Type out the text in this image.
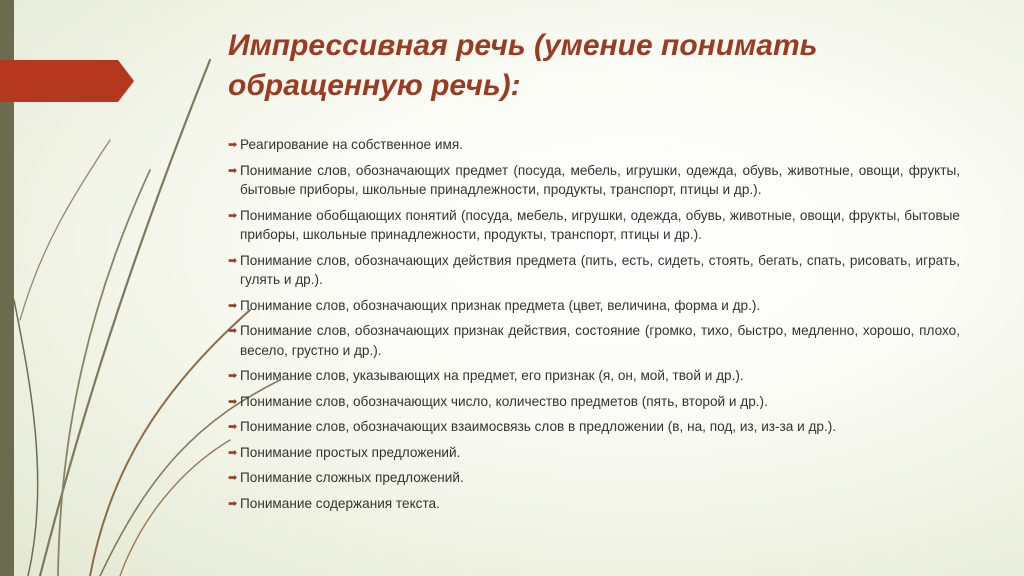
Импрессивная речь (умение понимать обращенную речь):
➡ Реагирование на собственное имя.
➡ Понимание слов, обозначающих предмет (посуда, мебель, игрушки, одежда, обувь, животные, овощи, фрукты, бытовые приборы, школьные принадлежности, продукты, транспорт, птицы и др.).
➡ Понимание обобщающих понятий (посуда, мебель, игрушки, одежда, обувь, животные, овощи, фрукты, бытовые приборы, школьные принадлежности, продукты, транспорт, птицы и др.).
➡ Понимание слов, обозначающих действия предмета (пить, есть, сидеть, стоять, бегать, спать, рисовать, играть, гулять и др.).
➡ Понимание слов, обозначающих признак предмета (цвет, величина, форма и др.).
➡ Понимание слов, обозначающих признак действия, состояние (громко, тихо, быстро, медленно, хорошо, плохо, весело, грустно и др.).
➡ Понимание слов, указывающих на предмет, его признак (я, он, мой, твой и др.).
➡ Понимание слов, обозначающих число, количество предметов (пять, второй и др.).
➡ Понимание слов, обозначающих взаимосвязь слов в предложении (в, на, под, из, из-за и др.).
➡ Понимание простых предложений.
➡ Понимание сложных предложений.
➡ Понимание содержания текста.
